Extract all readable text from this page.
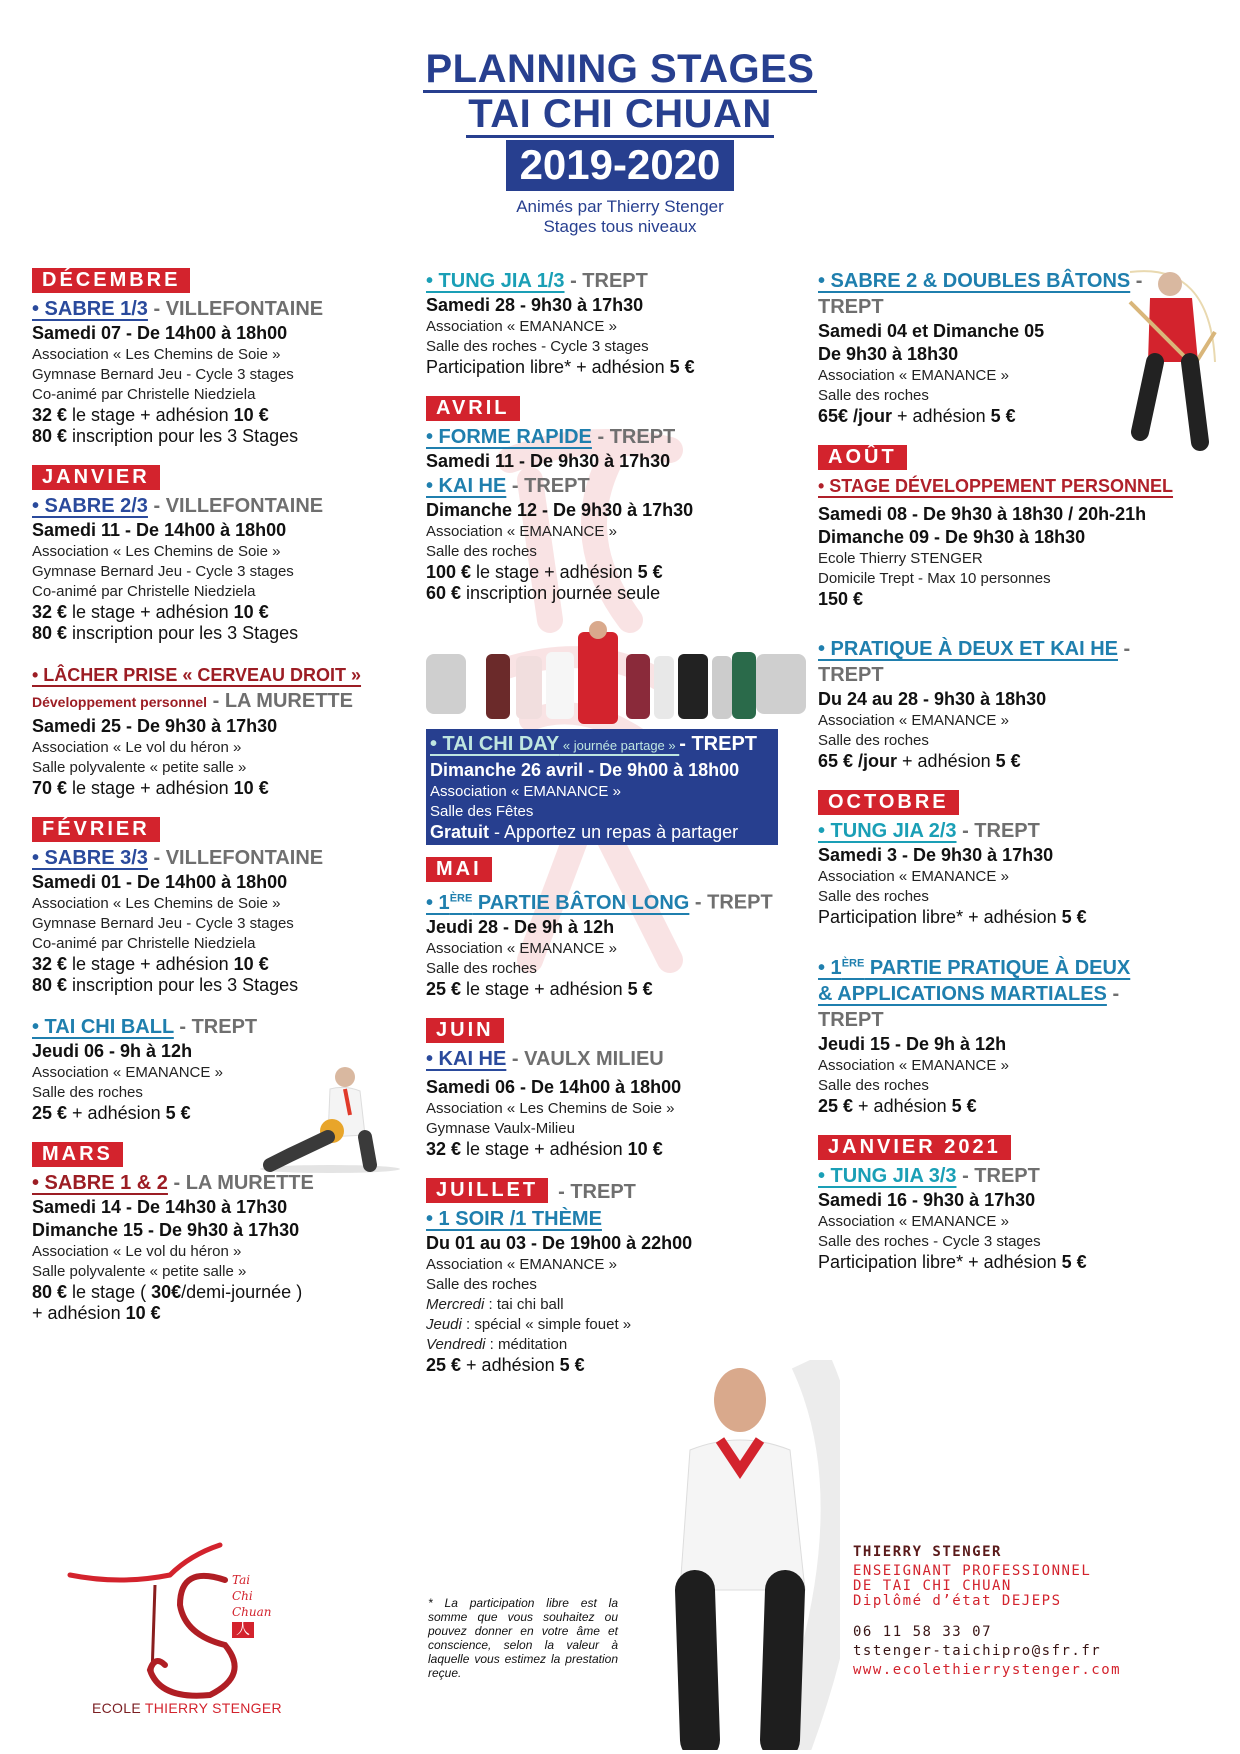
PLANNING STAGES
TAI CHI CHUAN
2019-2020
Animés par Thierry Stenger
Stages tous niveaux
DÉCEMBRE
• SABRE 1/3 - VILLEFONTAINE
Samedi 07 - De 14h00 à 18h00
Association « Les Chemins de Soie »
Gymnase Bernard Jeu - Cycle 3 stages
Co-animé par Christelle Niedziela
32 € le stage + adhésion 10 €
80 € inscription pour les 3 Stages
JANVIER
• SABRE 2/3 - VILLEFONTAINE
Samedi 11 - De 14h00 à 18h00
Association « Les Chemins de Soie »
Gymnase Bernard Jeu - Cycle 3 stages
Co-animé par Christelle Niedziela
32 € le stage + adhésion 10 €
80 € inscription pour les 3 Stages
• LÂCHER PRISE « CERVEAU DROIT »
Développement personnel - LA MURETTE
Samedi 25 - De 9h30 à 17h30
Association « Le vol du héron »
Salle polyvalente « petite salle »
70 € le stage + adhésion 10 €
FÉVRIER
• SABRE 3/3 - VILLEFONTAINE
Samedi 01 - De 14h00 à 18h00
Association « Les Chemins de Soie »
Gymnase Bernard Jeu - Cycle 3 stages
Co-animé par Christelle Niedziela
32 € le stage + adhésion 10 €
80 € inscription pour les 3 Stages
• TAI CHI BALL - TREPT
Jeudi 06 - 9h à 12h
Association « EMANANCE »
Salle des roches
25 € + adhésion 5 €
MARS
• SABRE 1 & 2 - LA MURETTE
Samedi 14 - De 14h30 à 17h30
Dimanche 15 - De 9h30 à 17h30
Association « Le vol du héron »
Salle polyvalente « petite salle »
80 € le stage ( 30€/demi-journée )
+ adhésion 10 €
• TUNG JIA 1/3 - TREPT
Samedi 28 - 9h30 à 17h30
Association « EMANANCE »
Salle des roches - Cycle 3 stages
Participation libre* + adhésion 5 €
AVRIL
• FORME RAPIDE - TREPT
Samedi 11 - De 9h30 à 17h30
• KAI HE - TREPT
Dimanche 12 - De 9h30 à 17h30
Association « EMANANCE »
Salle des roches
100 € le stage + adhésion 5 €
60 € inscription journée seule
• TAI CHI DAY « journée partage » - TREPT
Dimanche 26 avril - De 9h00 à 18h00
Association « EMANANCE »
Salle des Fêtes
Gratuit - Apportez un repas à partager
MAI
• 1ÈRE PARTIE BÂTON LONG - TREPT
Jeudi 28 - De 9h à 12h
Association « EMANANCE »
Salle des roches
25 € le stage + adhésion 5 €
JUIN
• KAI HE - VAULX MILIEU
Samedi 06 - De 14h00 à 18h00
Association « Les Chemins de Soie »
Gymnase Vaulx-Milieu
32 € le stage + adhésion 10 €
JUILLET	- TREPT
• 1 SOIR /1 THÈME
Du 01 au 03 - De 19h00 à 22h00
Association « EMANANCE »
Salle des roches
Mercredi : tai chi ball
Jeudi : spécial « simple fouet »
Vendredi : méditation
25 € + adhésion 5 €
• SABRE 2 & DOUBLES BÂTONS -
TREPT
Samedi 04 et Dimanche 05
De 9h30 à 18h30
Association « EMANANCE »
Salle des roches
65€ /jour + adhésion 5 €
AOÛT
• STAGE DÉVELOPPEMENT PERSONNEL
Samedi 08 - De 9h30 à 18h30 / 20h-21h
Dimanche 09 - De 9h30 à 18h30
Ecole Thierry STENGER
Domicile Trept - Max 10 personnes
150 €
• PRATIQUE À DEUX ET KAI HE -
TREPT
Du 24 au 28 - 9h30 à 18h30
Association « EMANANCE »
Salle des roches
65 € /jour + adhésion 5 €
OCTOBRE
• TUNG JIA 2/3 - TREPT
Samedi 3 - De 9h30 à 17h30
Association « EMANANCE »
Salle des roches
Participation libre* + adhésion 5 €
• 1ÈRE PARTIE PRATIQUE À DEUX
& APPLICATIONS MARTIALES -
TREPT
Jeudi 15 - De 9h à 12h
Association « EMANANCE »
Salle des roches
25 € + adhésion 5 €
JANVIER 2021
• TUNG JIA 3/3 - TREPT
Samedi 16 - 9h30 à 17h30
Association « EMANANCE »
Salle des roches - Cycle 3 stages
Participation libre* + adhésion 5 €
Tai
Chi
Chuan
人
ECOLE THIERRY STENGER
* La participation libre est la somme que vous souhaitez ou pouvez donner en votre âme et conscience, selon la valeur à laquelle vous estimez la prestation reçue.
THIERRY STENGER
ENSEIGNANT PROFESSIONNEL
DE TAI CHI CHUAN
Diplômé d’état DEJEPS
06 11 58 33 07
tstenger-taichipro@sfr.fr
www.ecolethierrystenger.com
